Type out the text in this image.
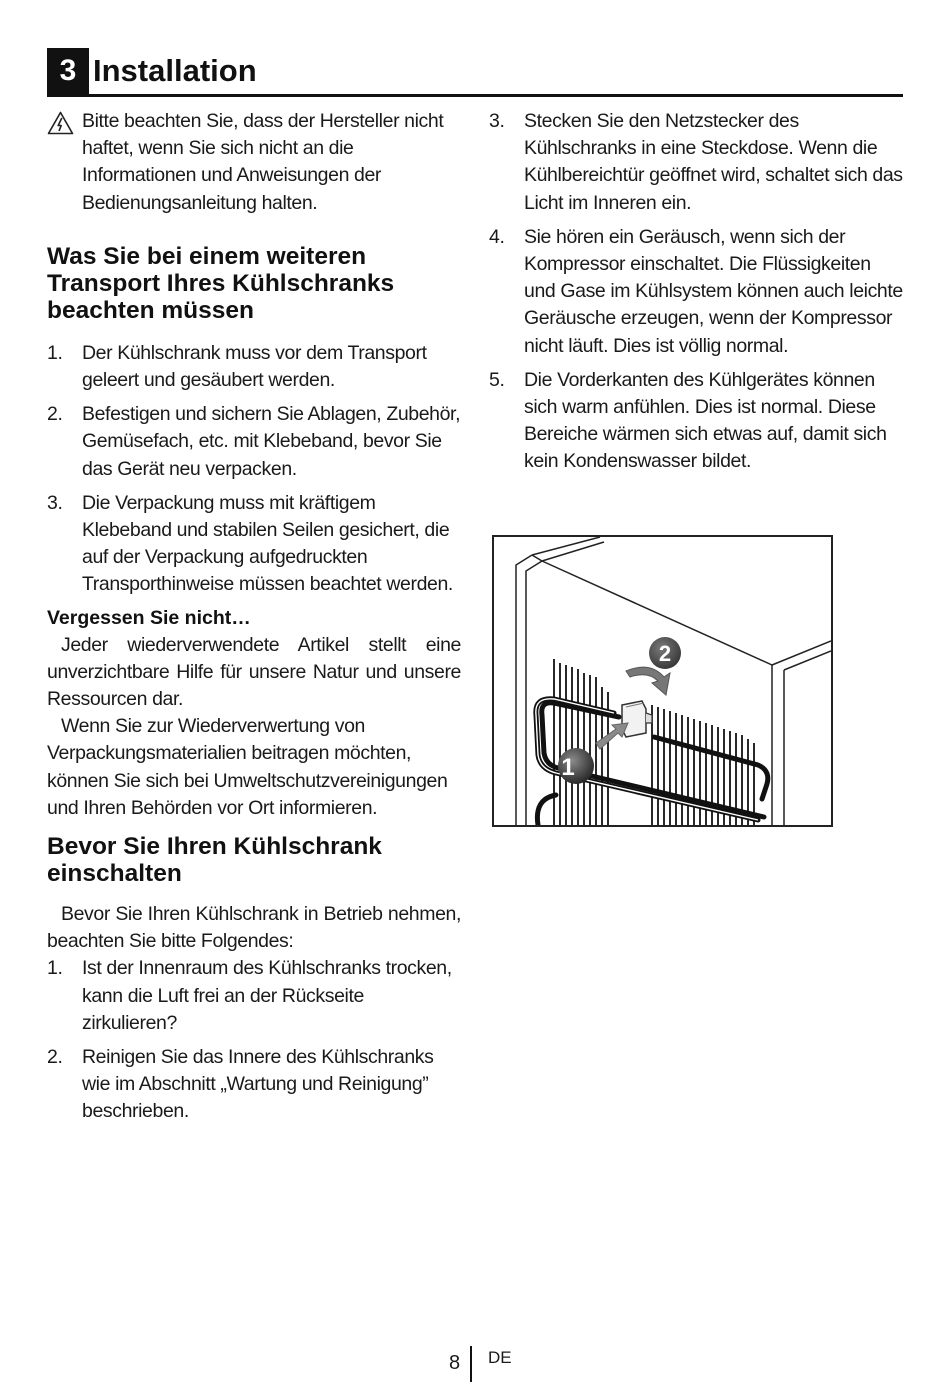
3 Installation
Bitte beachten Sie, dass der Hersteller nicht haftet, wenn Sie sich nicht an die Informationen und Anweisungen der Bedienungsanleitung halten.
Was Sie bei einem weiteren Transport Ihres Kühlschranks beachten müssen
1. Der Kühlschrank muss vor dem Transport geleert und gesäubert werden.
2. Befestigen und sichern Sie Ablagen, Zubehör, Gemüsefach, etc. mit Klebeband, bevor Sie das Gerät neu verpacken.
3. Die Verpackung muss mit kräftigem Klebeband und stabilen Seilen gesichert, die auf der Verpackung aufgedruckten Transporthinweise müssen beachtet werden.
Vergessen Sie nicht…

Jeder wiederverwendete Artikel stellt eine unverzichtbare Hilfe für unsere Natur und unsere Ressourcen dar.

Wenn Sie zur Wiederverwertung von Verpackungsmaterialien beitragen möchten, können Sie sich bei Umweltschutzvereinigungen und Ihren Behörden vor Ort informieren.

Bevor Sie Ihren Kühlschrank einschalten

Bevor Sie Ihren Kühlschrank in Betrieb nehmen, beachten Sie bitte Folgendes:

1. Ist der Innenraum des Kühlschranks trocken, kann die Luft frei an der Rückseite zirkulieren?
2. Reinigen Sie das Innere des Kühlschranks wie im Abschnitt „Wartung und Reinigung” beschrieben.
3. Stecken Sie den Netzstecker des Kühlschranks in eine Steckdose. Wenn die Kühlbereichtür geöffnet wird, schaltet sich das Licht im Inneren ein.
4. Sie hören ein Geräusch, wenn sich der Kompressor einschaltet. Die Flüssigkeiten und Gase im Kühlsystem können auch leichte Geräusche erzeugen, wenn der Kompressor nicht läuft. Dies ist völlig normal.
5. Die Vorderkanten des Kühlgerätes können sich warm anfühlen. Dies ist normal. Diese Bereiche wärmen sich etwas auf, damit sich kein Kondenswasser bildet.
2
1
8 DE
